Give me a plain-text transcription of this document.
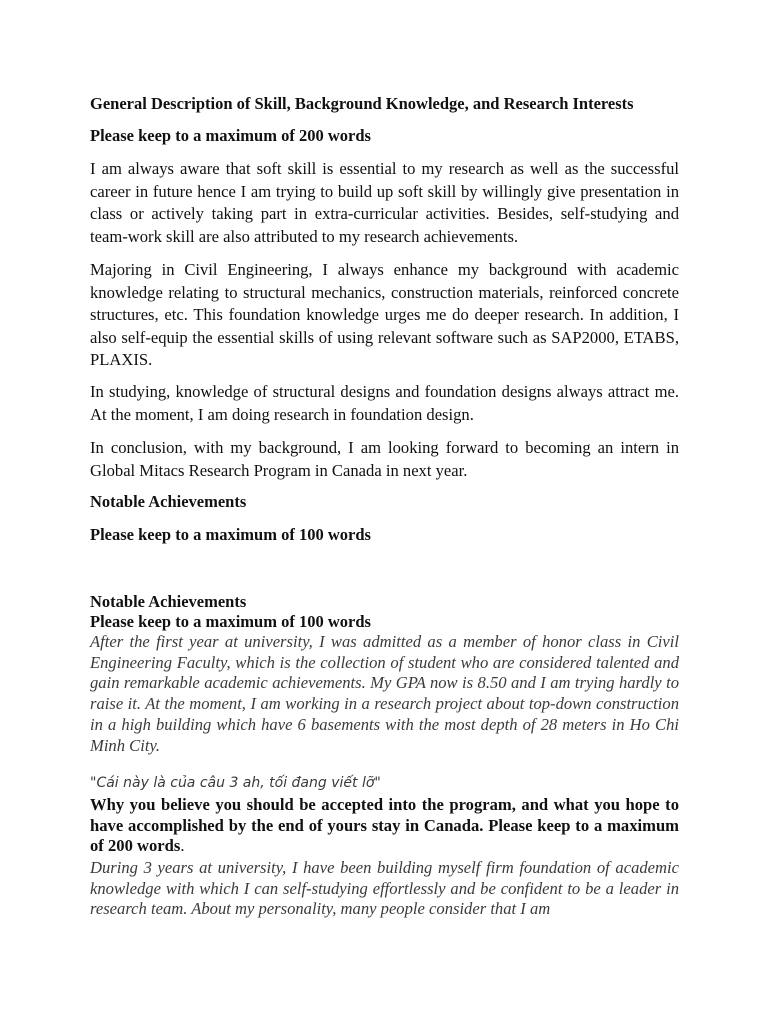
General Description of Skill, Background Knowledge, and Research Interests

Please keep to a maximum of 200 words

I am always aware that soft skill is essential to my research as well as the successful career in future hence I am trying to build up soft skill by willingly give presentation in class or actively taking part in extra-curricular activities. Besides, self-studying and team-work skill are also attributed to my research achievements.

Majoring in Civil Engineering, I always enhance my background with academic knowledge relating to structural mechanics, construction materials, reinforced concrete structures, etc. This foundation knowledge urges me do deeper research. In addition, I also self-equip the essential skills of using relevant software such as SAP2000, ETABS, PLAXIS.

In studying, knowledge of structural designs and foundation designs always attract me. At the moment, I am doing research in foundation design.

In conclusion, with my background, I am looking forward to becoming an intern in Global Mitacs Research Program in Canada in next year.

Notable Achievements

Please keep to a maximum of 100 words

Notable Achievements

Please keep to a maximum of 100 words

After the first year at university, I was admitted as a member of honor class in Civil Engineering Faculty, which is the collection of student who are considered talented and gain remarkable academic achievements. My GPA now is 8.50 and I am trying hardly to raise it. At the moment, I am working in a research project about top-down construction in a high building which have 6 basements with the most depth of 28 meters in Ho Chi Minh City.

"Cái này là của câu 3 ah, tối đang viết lỡ"

Why you believe you should be accepted into the program, and what you hope to have accomplished by the end of yours stay in Canada. Please keep to a maximum of 200 words.

During 3 years at university, I have been building myself firm foundation of academic knowledge with which I can self-studying effortlessly and be confident to be a leader in research team. About my personality, many people consider that I am
